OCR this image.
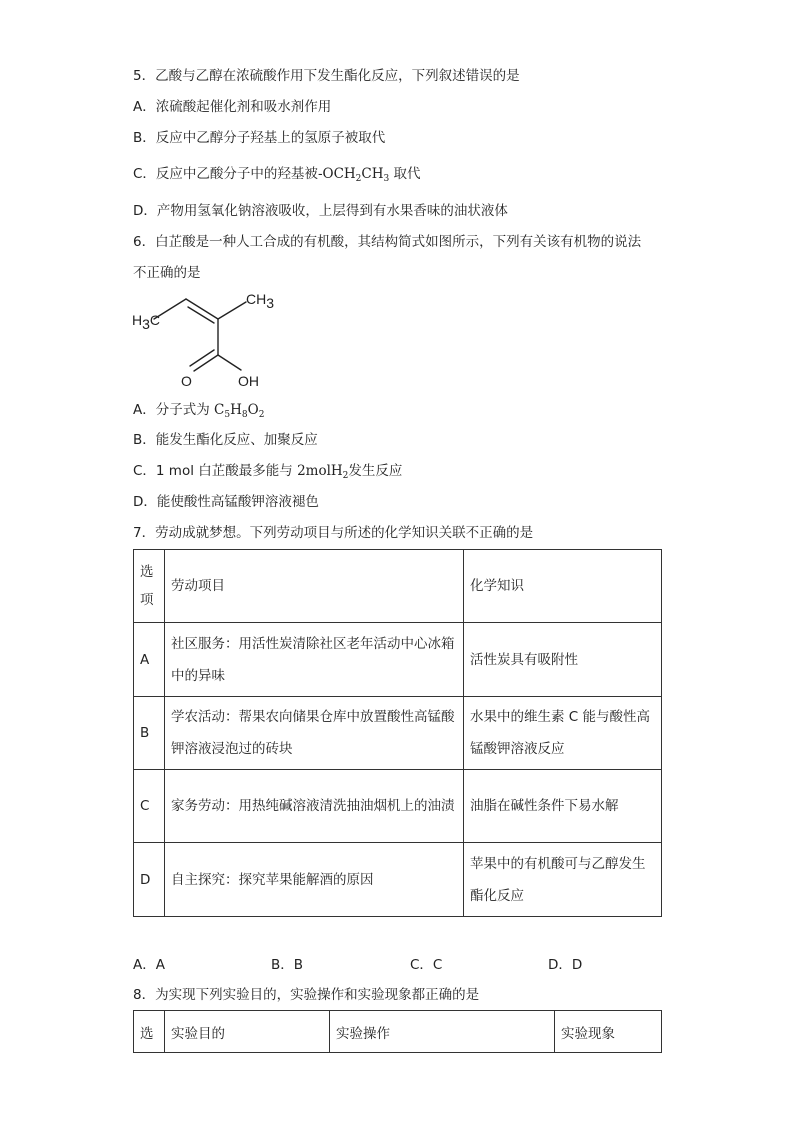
5．乙酸与乙醇在浓硫酸作用下发生酯化反应，下列叙述错误的是
A．浓硫酸起催化剂和吸水剂作用
B．反应中乙醇分子羟基上的氢原子被取代
C．反应中乙酸分子中的羟基被$-OCH_2CH_3$ 取代
D．产物用氢氧化钠溶液吸收，上层得到有水果香味的油状液体
6．白芷酸是一种人工合成的有机酸，其结构简式如图所示，下列有关该有机物的说法
不正确的是
CH3
H3C
O	OH
A．分子式为 $C_5H_8O_2$
B．能发生酯化反应、加聚反应
C．1 mol 白芷酸最多能与 2molH$_2$发生反应
D．能使酸性高锰酸钾溶液褪色
7．劳动成就梦想。下列劳动项目与所述的化学知识关联不正确的是
选项	劳动项目	化学知识
A	社区服务：用活性炭清除社区老年活动中心冰箱中的异味	活性炭具有吸附性
B	学农活动：帮果农向储果仓库中放置酸性高锰酸钾溶液浸泡过的砖块	水果中的维生素 C 能与酸性高锰酸钾溶液反应
C	家务劳动：用热纯碱溶液清洗抽油烟机上的油渍	油脂在碱性条件下易水解
D	自主探究：探究苹果能解酒的原因	苹果中的有机酸可与乙醇发生酯化反应
A．A	B．B	C．C	D．D
8．为实现下列实验目的，实验操作和实验现象都正确的是
选	实验目的	实验操作	实验现象
